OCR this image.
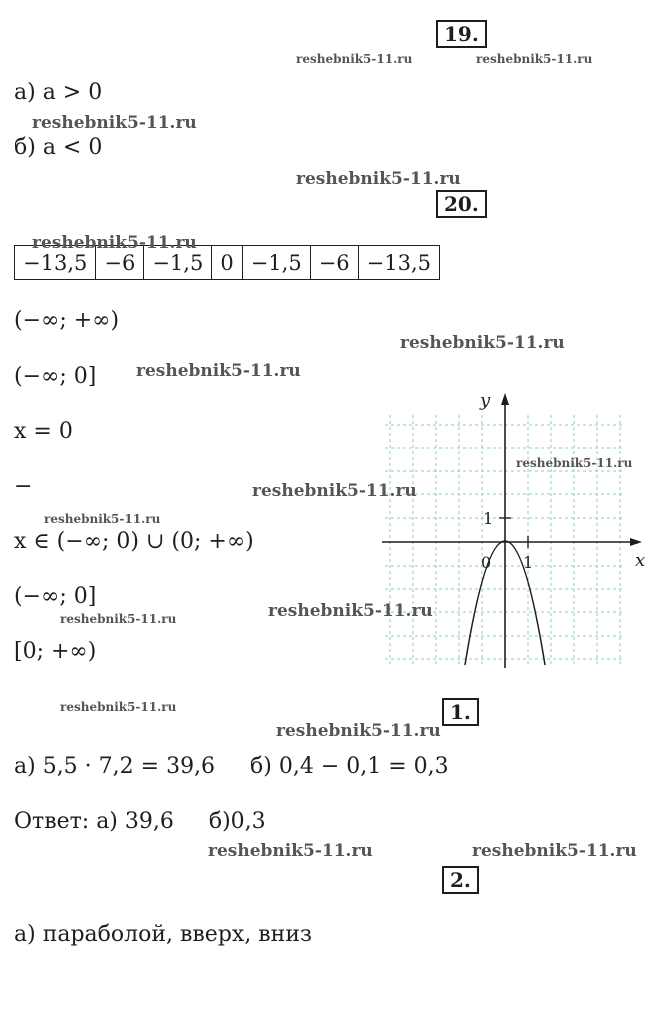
19.
а) a > 0
б) a < 0
20.
−13,5	−6	−1,5	0	−1,5	−6	−13,5
(−∞; +∞)
(−∞; 0]
x = 0
−
x ∈ (−∞; 0) ∪ (0; +∞)
(−∞; 0]
[0; +∞)
y
x
1
1
0
1.
а) 5,5 · 7,2 = 39,6     б) 0,4 − 0,1 = 0,3
Ответ: а) 39,6     б)0,3
2.
а) параболой, вверх, вниз
reshebnik5-11.ru	reshebnik5-11.ru
reshebnik5-11.ru
reshebnik5-11.ru
reshebnik5-11.ru
reshebnik5-11.ru
reshebnik5-11.ru
reshebnik5-11.ru
reshebnik5-11.ru
reshebnik5-11.ru
reshebnik5-11.ru
reshebnik5-11.ru
reshebnik5-11.ru
reshebnik5-11.ru
reshebnik5-11.ru	reshebnik5-11.ru
